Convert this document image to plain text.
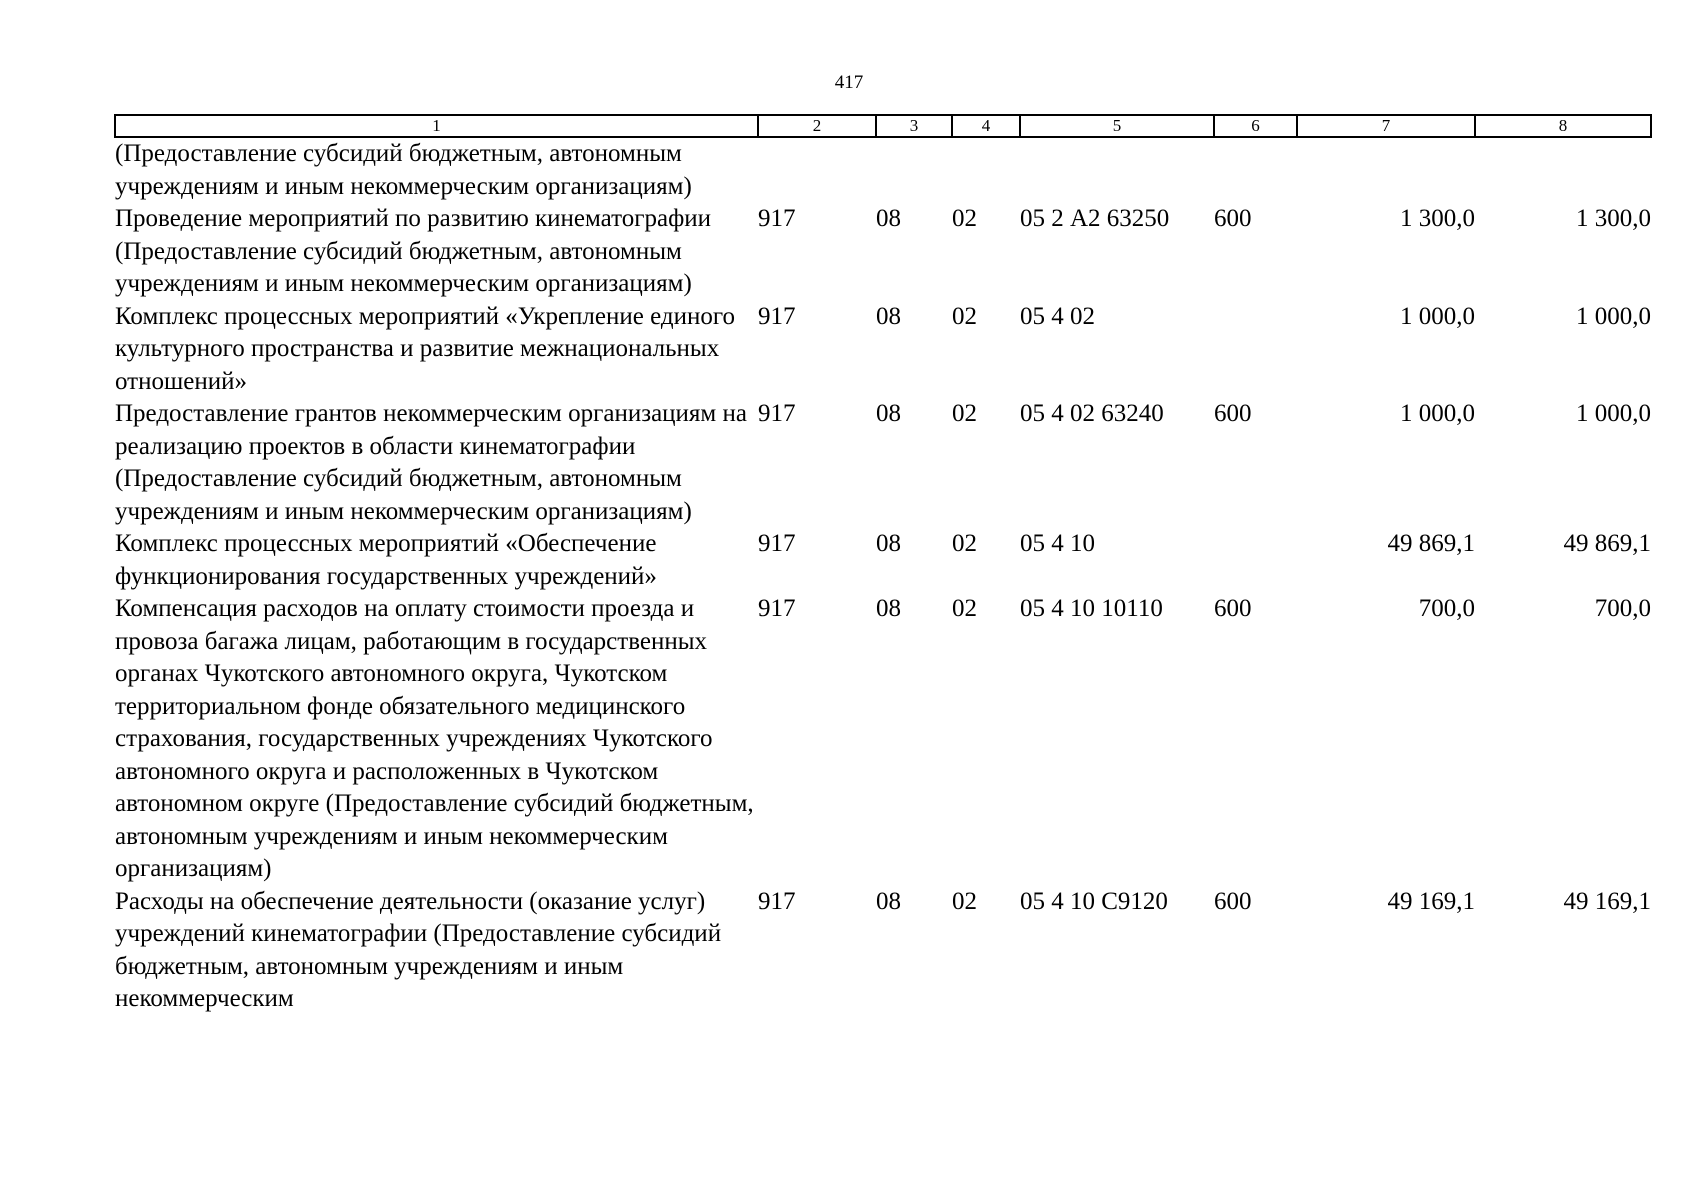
417
1	2	3	4	5	6	7	8
(Предоставление субсидий бюджетным, автономным учреждениям и иным некоммерческим организациям)							
Проведение мероприятий по развитию кинематографии (Предоставление субсидий бюджетным, автономным учреждениям и иным некоммерческим организациям)	917	08	02	05 2 А2 63250	600	1 300,0	1 300,0
Комплекс процессных мероприятий «Укрепление единого культурного пространства и развитие межнациональных отношений»	917	08	02	05 4 02		1 000,0	1 000,0
Предоставление грантов некоммерческим организациям на реализацию проектов в области кинематографии (Предоставление субсидий бюджетным, автономным учреждениям и иным некоммерческим организациям)	917	08	02	05 4 02 63240	600	1 000,0	1 000,0
Комплекс процессных мероприятий «Обеспечение функционирования государственных учреждений»	917	08	02	05 4 10		49 869,1	49 869,1
Компенсация расходов на оплату стоимости проезда и провоза багажа лицам, работающим в государственных органах Чукотского автономного округа, Чукотском территориальном фонде обязательного медицинского страхования, государственных учреждениях Чукотского автономного округа и расположенных в Чукотском автономном округе (Предоставление субсидий бюджетным, автономным учреждениям и иным некоммерческим организациям)	917	08	02	05 4 10 10110	600	700,0	700,0
Расходы на обеспечение деятельности (оказание услуг) учреждений кинематографии (Предоставление субсидий бюджетным, автономным учреждениям и иным некоммерческим	917	08	02	05 4 10 С9120	600	49 169,1	49 169,1
